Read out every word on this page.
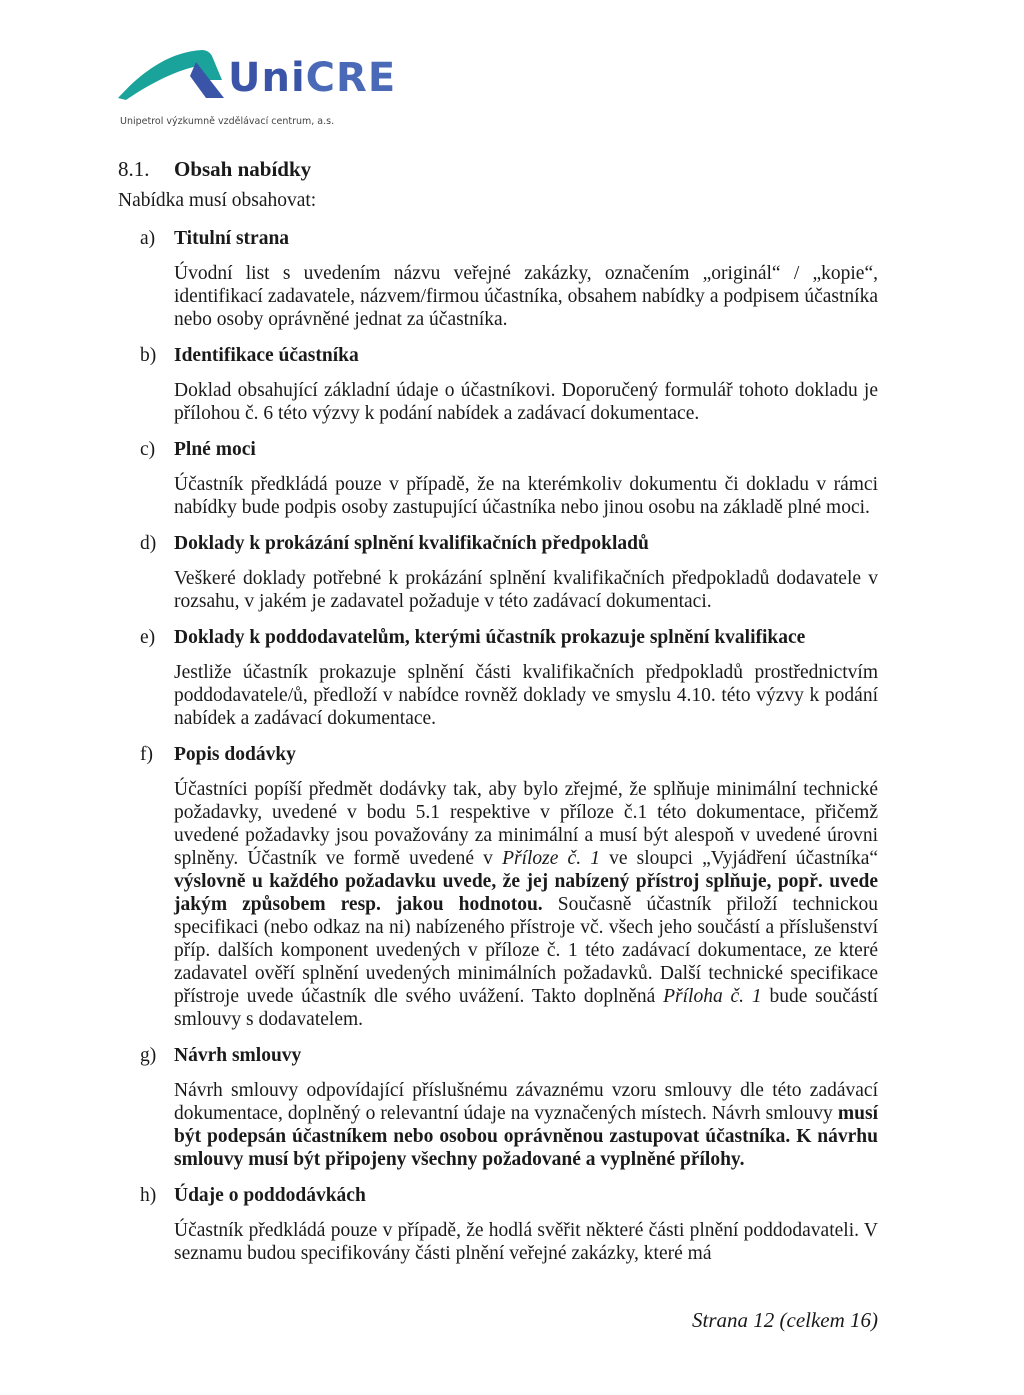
UniCRE
Unipetrol výzkumně vzdělávací centrum, a.s.
8.1. Obsah nabídky

Nabídka musí obsahovat:

a) Titulní strana

Úvodní list s uvedením názvu veřejné zakázky, označením „originál“ / „kopie“, identifikací zadavatele, názvem/firmou účastníka, obsahem nabídky a podpisem účastníka nebo osoby oprávněné jednat za účastníka.

b) Identifikace účastníka

Doklad obsahující základní údaje o účastníkovi. Doporučený formulář tohoto dokladu je přílohou č. 6 této výzvy k podání nabídek a zadávací dokumentace.

c) Plné moci

Účastník předkládá pouze v případě, že na kterémkoliv dokumentu či dokladu v rámci nabídky bude podpis osoby zastupující účastníka nebo jinou osobu na základě plné moci.

d) Doklady k prokázání splnění kvalifikačních předpokladů

Veškeré doklady potřebné k prokázání splnění kvalifikačních předpokladů dodavatele v rozsahu, v jakém je zadavatel požaduje v této zadávací dokumentaci.

e) Doklady k poddodavatelům, kterými účastník prokazuje splnění kvalifikace

Jestliže účastník prokazuje splnění části kvalifikačních předpokladů prostřednictvím poddodavatele/ů, předloží v nabídce rovněž doklady ve smyslu 4.10. této výzvy k podání nabídek a zadávací dokumentace.

f) Popis dodávky

Účastníci popíší předmět dodávky tak, aby bylo zřejmé, že splňuje minimální technické požadavky, uvedené v bodu 5.1 respektive v příloze č.1 této dokumentace, přičemž uvedené požadavky jsou považovány za minimální a musí být alespoň v uvedené úrovni splněny. Účastník ve formě uvedené v Příloze č. 1 ve sloupci „Vyjádření účastníka“ výslovně u každého požadavku uvede, že jej nabízený přístroj splňuje, popř. uvede jakým způsobem resp. jakou hodnotou. Současně účastník přiloží technickou specifikaci (nebo odkaz na ni) nabízeného přístroje vč. všech jeho součástí a příslušenství příp. dalších komponent uvedených v příloze č. 1 této zadávací dokumentace, ze které zadavatel ověří splnění uvedených minimálních požadavků. Další technické specifikace přístroje uvede účastník dle svého uvážení. Takto doplněná Příloha č. 1 bude součástí smlouvy s dodavatelem.

g) Návrh smlouvy

Návrh smlouvy odpovídající příslušnému závaznému vzoru smlouvy dle této zadávací dokumentace, doplněný o relevantní údaje na vyznačených místech. Návrh smlouvy musí být podepsán účastníkem nebo osobou oprávněnou zastupovat účastníka. K návrhu smlouvy musí být připojeny všechny požadované a vyplněné přílohy.

h) Údaje o poddodávkách

Účastník předkládá pouze v případě, že hodlá svěřit některé části plnění poddodavateli. V seznamu budou specifikovány části plnění veřejné zakázky, které má

Strana 12 (celkem 16)
